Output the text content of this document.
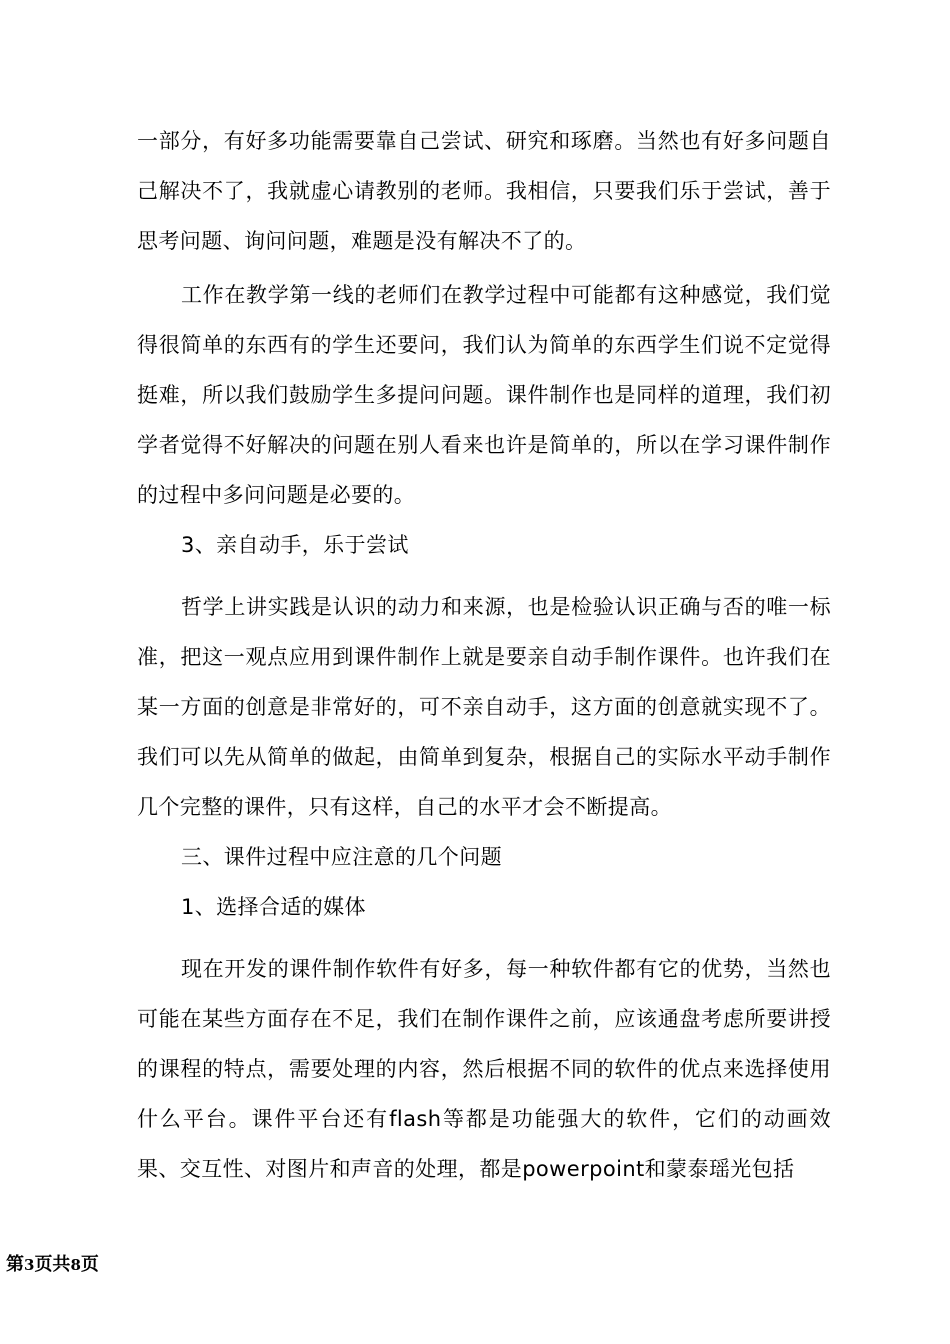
一部分，有好多功能需要靠自己尝试、研究和琢磨。当然也有好多问题自己解决不了，我就虚心请教别的老师。我相信，只要我们乐于尝试，善于思考问题、询问问题，难题是没有解决不了的。

工作在教学第一线的老师们在教学过程中可能都有这种感觉，我们觉得很简单的东西有的学生还要问，我们认为简单的东西学生们说不定觉得挺难，所以我们鼓励学生多提问问题。课件制作也是同样的道理，我们初学者觉得不好解决的问题在别人看来也许是简单的，所以在学习课件制作的过程中多问问题是必要的。

3、亲自动手，乐于尝试

哲学上讲实践是认识的动力和来源，也是检验认识正确与否的唯一标准，把这一观点应用到课件制作上就是要亲自动手制作课件。也许我们在某一方面的创意是非常好的，可不亲自动手，这方面的创意就实现不了。我们可以先从简单的做起，由简单到复杂，根据自己的实际水平动手制作几个完整的课件，只有这样，自己的水平才会不断提高。

三、课件过程中应注意的几个问题

1、选择合适的媒体

现在开发的课件制作软件有好多，每一种软件都有它的优势，当然也可能在某些方面存在不足，我们在制作课件之前，应该通盘考虑所要讲授的课程的特点，需要处理的内容，然后根据不同的软件的优点来选择使用什么平台。课件平台还有flash等都是功能强大的软件，它们的动画效果、交互性、对图片和声音的处理，都是powerpoint和蒙泰瑶光包括

第3页共8页
